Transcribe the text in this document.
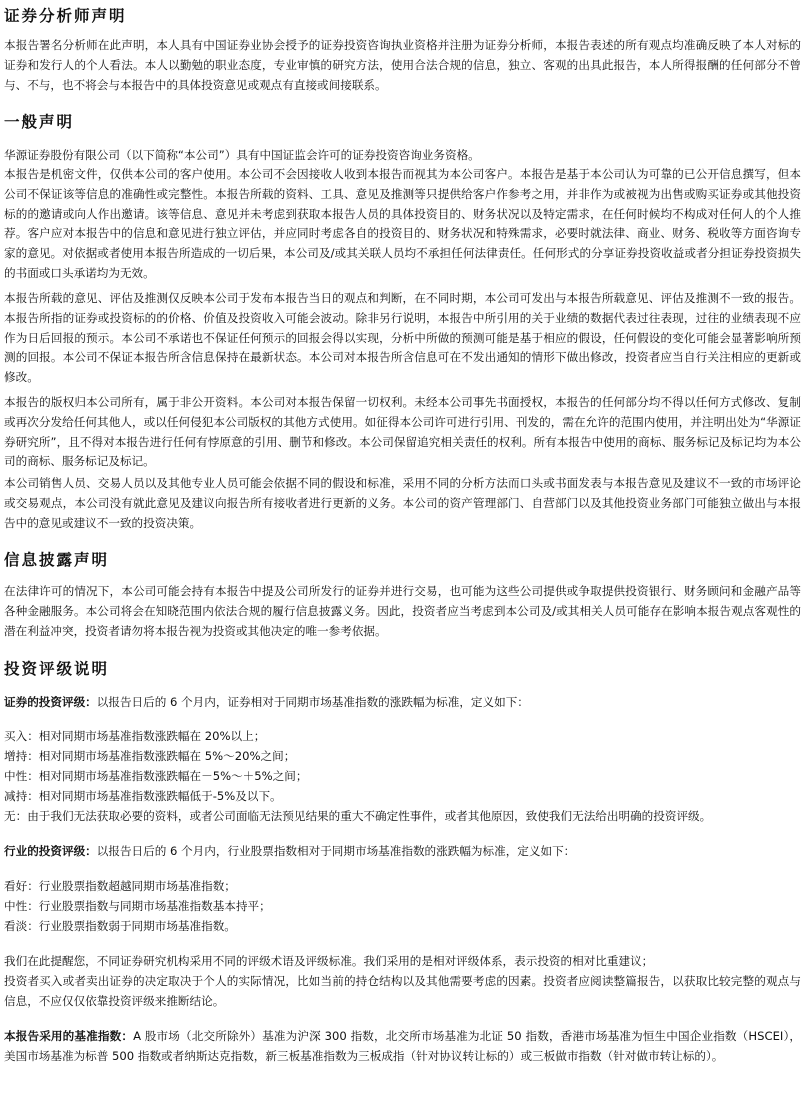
证券分析师声明

本报告署名分析师在此声明，本人具有中国证券业协会授予的证券投资咨询执业资格并注册为证券分析师，本报告表述的所有观点均准确反映了本人对标的证券和发行人的个人看法。本人以勤勉的职业态度，专业审慎的研究方法，使用合法合规的信息，独立、客观的出具此报告，本人所得报酬的任何部分不曾与、不与，也不将会与本报告中的具体投资意见或观点有直接或间接联系。

一般声明

华源证券股份有限公司（以下简称“本公司”）具有中国证监会许可的证券投资咨询业务资格。

本报告是机密文件，仅供本公司的客户使用。本公司不会因接收人收到本报告而视其为本公司客户。本报告是基于本公司认为可靠的已公开信息撰写，但本公司不保证该等信息的准确性或完整性。本报告所载的资料、工具、意见及推测等只提供给客户作参考之用，并非作为或被视为出售或购买证券或其他投资标的的邀请或向人作出邀请。该等信息、意见并未考虑到获取本报告人员的具体投资目的、财务状况以及特定需求，在任何时候均不构成对任何人的个人推荐。客户应对本报告中的信息和意见进行独立评估，并应同时考虑各自的投资目的、财务状况和特殊需求，必要时就法律、商业、财务、税收等方面咨询专家的意见。对依据或者使用本报告所造成的一切后果，本公司及/或其关联人员均不承担任何法律责任。任何形式的分享证券投资收益或者分担证券投资损失的书面或口头承诺均为无效。

本报告所载的意见、评估及推测仅反映本公司于发布本报告当日的观点和判断，在不同时期，本公司可发出与本报告所载意见、评估及推测不一致的报告。本报告所指的证券或投资标的的价格、价值及投资收入可能会波动。除非另行说明，本报告中所引用的关于业绩的数据代表过往表现，过往的业绩表现不应作为日后回报的预示。本公司不承诺也不保证任何预示的回报会得以实现，分析中所做的预测可能是基于相应的假设，任何假设的变化可能会显著影响所预测的回报。本公司不保证本报告所含信息保持在最新状态。本公司对本报告所含信息可在不发出通知的情形下做出修改，投资者应当自行关注相应的更新或修改。

本报告的版权归本公司所有，属于非公开资料。本公司对本报告保留一切权利。未经本公司事先书面授权，本报告的任何部分均不得以任何方式修改、复制或再次分发给任何其他人，或以任何侵犯本公司版权的其他方式使用。如征得本公司许可进行引用、刊发的，需在允许的范围内使用，并注明出处为“华源证券研究所”，且不得对本报告进行任何有悖原意的引用、删节和修改。本公司保留追究相关责任的权利。所有本报告中使用的商标、服务标记及标记均为本公司的商标、服务标记及标记。

本公司销售人员、交易人员以及其他专业人员可能会依据不同的假设和标准，采用不同的分析方法而口头或书面发表与本报告意见及建议不一致的市场评论或交易观点，本公司没有就此意见及建议向报告所有接收者进行更新的义务。本公司的资产管理部门、自营部门以及其他投资业务部门可能独立做出与本报告中的意见或建议不一致的投资决策。

信息披露声明

在法律许可的情况下，本公司可能会持有本报告中提及公司所发行的证券并进行交易，也可能为这些公司提供或争取提供投资银行、财务顾问和金融产品等各种金融服务。本公司将会在知晓范围内依法合规的履行信息披露义务。因此，投资者应当考虑到本公司及/或其相关人员可能存在影响本报告观点客观性的潜在利益冲突，投资者请勿将本报告视为投资或其他决定的唯一参考依据。

投资评级说明

证券的投资评级：以报告日后的 6 个月内，证券相对于同期市场基准指数的涨跌幅为标准，定义如下：

买入：相对同期市场基准指数涨跌幅在 20%以上；

增持：相对同期市场基准指数涨跌幅在 5%～20%之间；

中性：相对同期市场基准指数涨跌幅在－5%～＋5%之间；

减持：相对同期市场基准指数涨跌幅低于-5%及以下。

无：由于我们无法获取必要的资料，或者公司面临无法预见结果的重大不确定性事件，或者其他原因，致使我们无法给出明确的投资评级。

行业的投资评级：以报告日后的 6 个月内，行业股票指数相对于同期市场基准指数的涨跌幅为标准，定义如下：

看好：行业股票指数超越同期市场基准指数；

中性：行业股票指数与同期市场基准指数基本持平；

看淡：行业股票指数弱于同期市场基准指数。

我们在此提醒您，不同证券研究机构采用不同的评级术语及评级标准。我们采用的是相对评级体系，表示投资的相对比重建议；

投资者买入或者卖出证券的决定取决于个人的实际情况，比如当前的持仓结构以及其他需要考虑的因素。投资者应阅读整篇报告，以获取比较完整的观点与信息，不应仅仅依靠投资评级来推断结论。

本报告采用的基准指数：A 股市场（北交所除外）基准为沪深 300 指数，北交所市场基准为北证 50 指数，香港市场基准为恒生中国企业指数（HSCEI），美国市场基准为标普 500 指数或者纳斯达克指数，新三板基准指数为三板成指（针对协议转让标的）或三板做市指数（针对做市转让标的）。
